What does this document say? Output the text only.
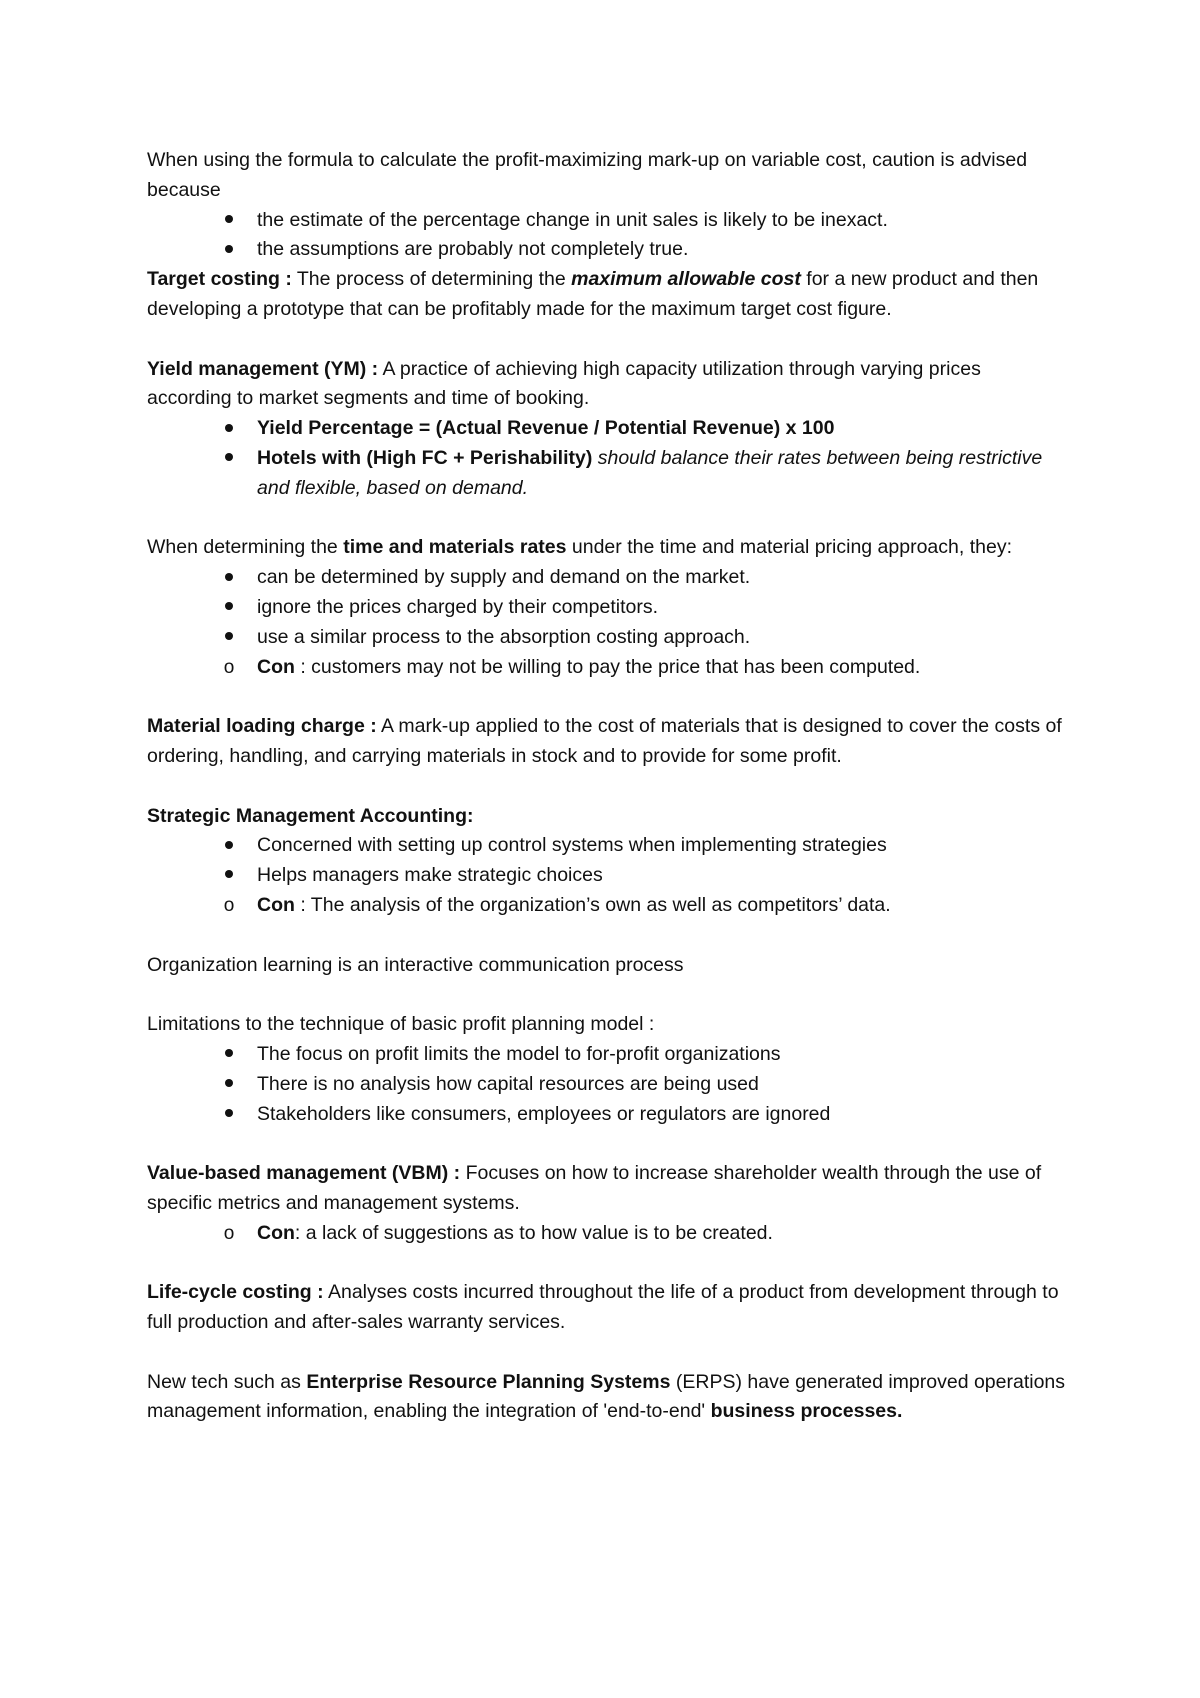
When using the formula to calculate the profit-maximizing mark-up on variable cost, caution is advised because

the estimate of the percentage change in unit sales is likely to be inexact.
the assumptions are probably not completely true.

Target costing : The process of determining the maximum allowable cost for a new product and then developing a prototype that can be profitably made for the maximum target cost figure.

Yield management (YM) : A practice of achieving high capacity utilization through varying prices according to market segments and time of booking.

Yield Percentage = (Actual Revenue / Potential Revenue) x 100
Hotels with (High FC + Perishability) should balance their rates between being restrictive and flexible, based on demand.

When determining the time and materials rates under the time and material pricing approach, they:

can be determined by supply and demand on the market.
ignore the prices charged by their competitors.
use a similar process to the absorption costing approach.
o Con : customers may not be willing to pay the price that has been computed.

Material loading charge : A mark-up applied to the cost of materials that is designed to cover the costs of ordering, handling, and carrying materials in stock and to provide for some profit.

Strategic Management Accounting:

Concerned with setting up control systems when implementing strategies
Helps managers make strategic choices
o Con : The analysis of the organization’s own as well as competitors’ data.

Organization learning is an interactive communication process

Limitations to the technique of basic profit planning model :

The focus on profit limits the model to for-profit organizations
There is no analysis how capital resources are being used
Stakeholders like consumers, employees or regulators are ignored

Value-based management (VBM) : Focuses on how to increase shareholder wealth through the use of specific metrics and management systems.

o Con: a lack of suggestions as to how value is to be created.

Life-cycle costing : Analyses costs incurred throughout the life of a product from development through to full production and after-sales warranty services.

New tech such as Enterprise Resource Planning Systems (ERPS) have generated improved operations management information, enabling the integration of 'end-to-end' business processes.
